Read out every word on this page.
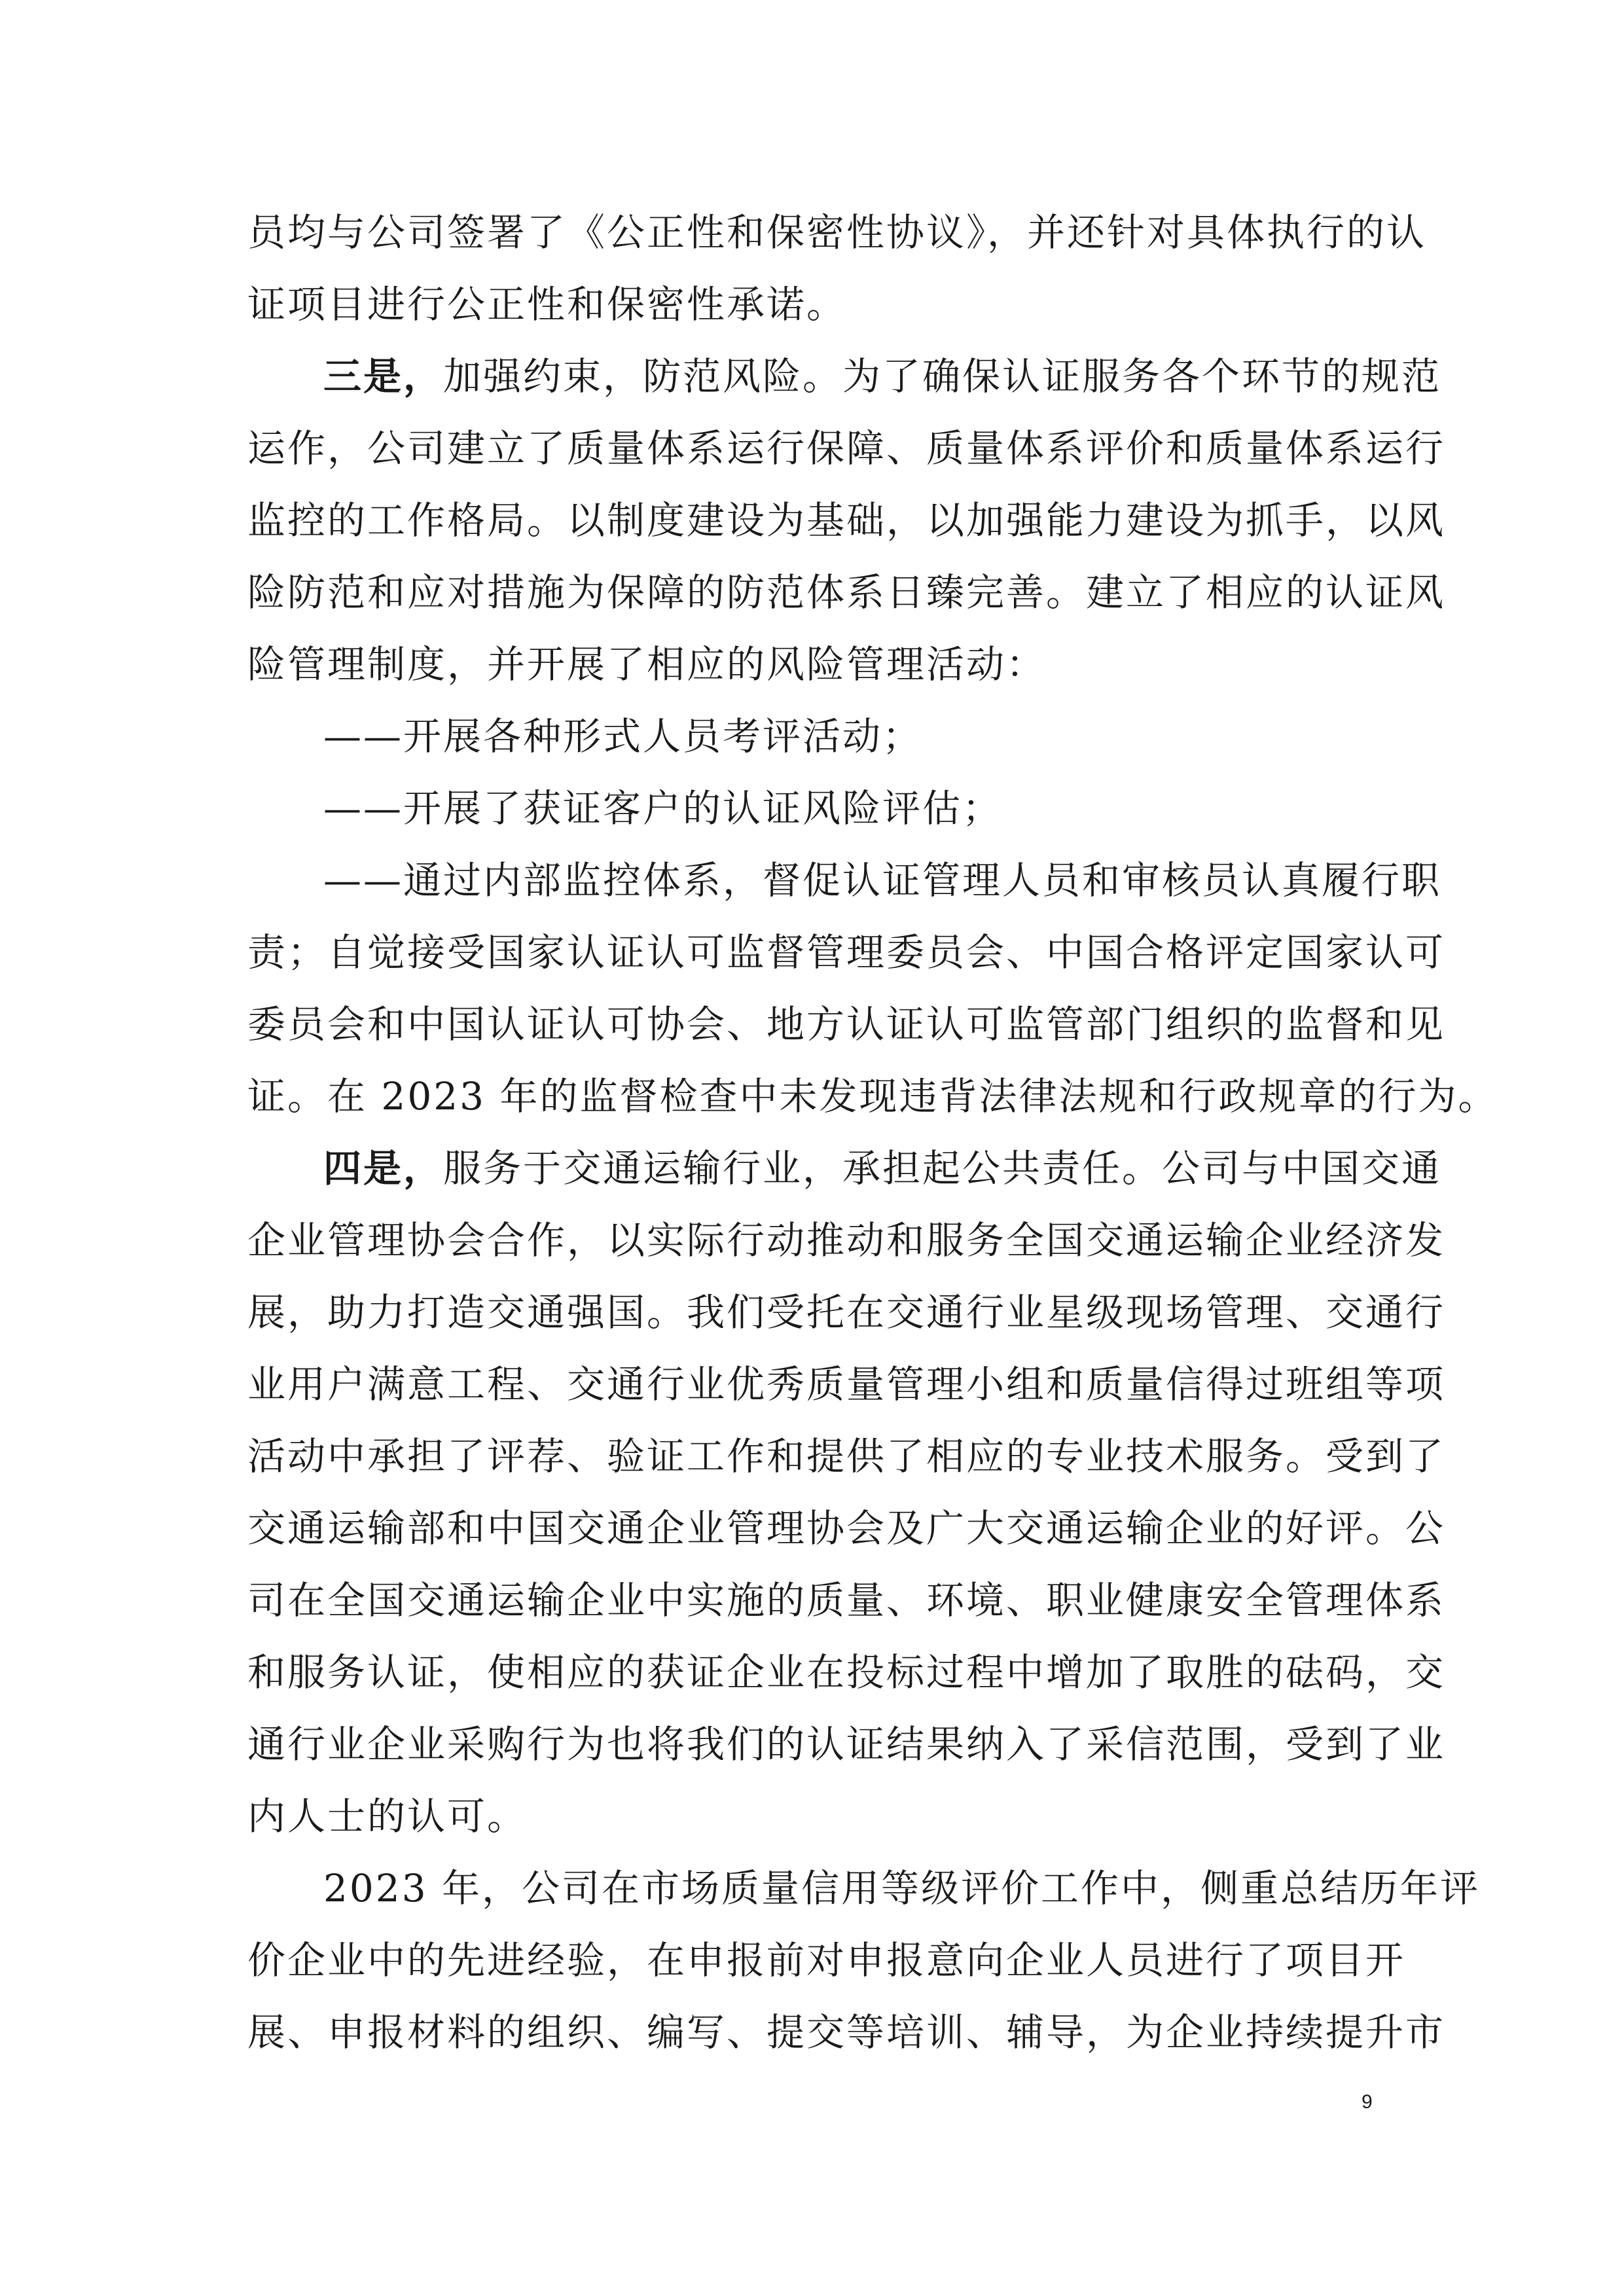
员均与公司签署了《公正性和保密性协议》，并还针对具体执行的认
证项目进行公正性和保密性承诺。
三是，加强约束，防范风险。为了确保认证服务各个环节的规范
运作，公司建立了质量体系运行保障、质量体系评价和质量体系运行
监控的工作格局。以制度建设为基础，以加强能力建设为抓手，以风
险防范和应对措施为保障的防范体系日臻完善。建立了相应的认证风
险管理制度，并开展了相应的风险管理活动：
——开展各种形式人员考评活动；
——开展了获证客户的认证风险评估；
——通过内部监控体系，督促认证管理人员和审核员认真履行职
责；自觉接受国家认证认可监督管理委员会、中国合格评定国家认可
委员会和中国认证认可协会、地方认证认可监管部门组织的监督和见
证。在 2023 年的监督检查中未发现违背法律法规和行政规章的行为。
四是，服务于交通运输行业，承担起公共责任。公司与中国交通
企业管理协会合作，以实际行动推动和服务全国交通运输企业经济发
展，助力打造交通强国。我们受托在交通行业星级现场管理、交通行
业用户满意工程、交通行业优秀质量管理小组和质量信得过班组等项
活动中承担了评荐、验证工作和提供了相应的专业技术服务。受到了
交通运输部和中国交通企业管理协会及广大交通运输企业的好评。公
司在全国交通运输企业中实施的质量、环境、职业健康安全管理体系
和服务认证，使相应的获证企业在投标过程中增加了取胜的砝码，交
通行业企业采购行为也将我们的认证结果纳入了采信范围，受到了业
内人士的认可。
2023 年，公司在市场质量信用等级评价工作中，侧重总结历年评
价企业中的先进经验，在申报前对申报意向企业人员进行了项目开
展、申报材料的组织、编写、提交等培训、辅导，为企业持续提升市
9
